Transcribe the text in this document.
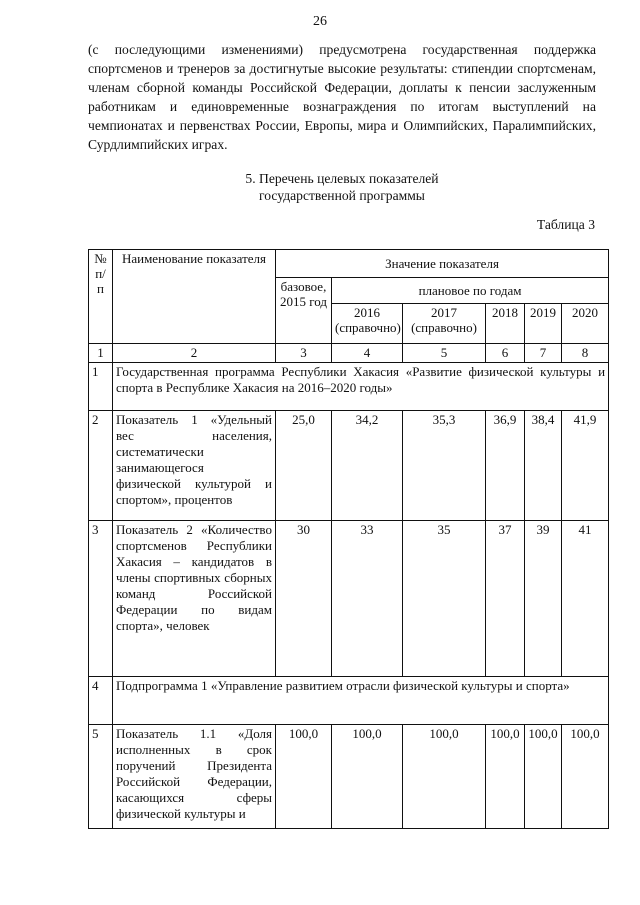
26

(с последующими изменениями) предусмотрена государственная поддержка спортсменов и тренеров за достигнутые высокие результаты: стипендии спортсменам, членам сборной команды Российской Федерации, доплаты к пенсии заслуженным работникам и единовременные вознаграждения по итогам выступлений на чемпионатах и первенствах России, Европы, мира и Олимпийских, Паралимпийских, Сурдлимпийских играх.

5. Перечень целевых показателей
государственной программы
Таблица 3
№ п/п	Наименование показателя	Значение показателя					
		базовое, 2015 год	плановое по годам				
			2016 (справочно)	2017 (справочно)	2018	2019	2020
1	2	3	4	5	6	7	8
1	Государственная программа Республики Хакасия «Развитие физической культуры и спорта в Республике Хакасия на 2016–2020 годы»						
2	Показатель 1 «Удельный вес населения, систематически занимающегося физической культурой и спортом», процентов	25,0	34,2	35,3	36,9	38,4	41,9
3	Показатель 2 «Количество спортсменов Республики Хакасия – кандидатов в члены спортивных сборных команд Российской Федерации по видам спорта», человек	30	33	35	37	39	41
4	Подпрограмма 1 «Управление развитием отрасли физической культуры и спорта»						
5	Показатель 1.1 «Доля исполненных в срок поручений Президента Российской Федерации, касающихся сферы физической культуры и	100,0	100,0	100,0	100,0	100,0	100,0
